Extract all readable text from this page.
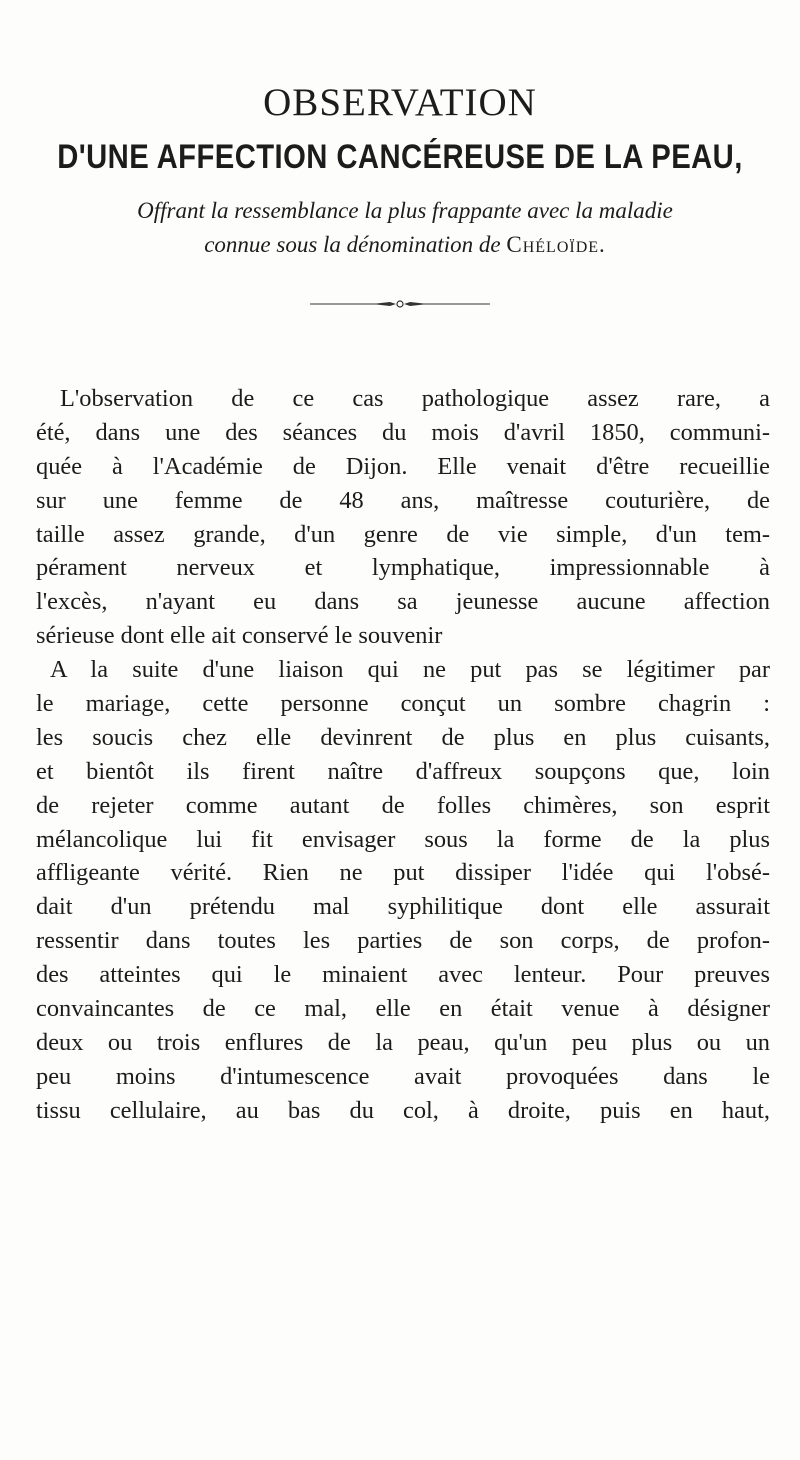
OBSERVATION
D'UNE AFFECTION CANCÉREUSE DE LA PEAU,
Offrant la ressemblance la plus frappante avec la maladie
connue sous la dénomination de Chéloïde.
L'observation de ce cas pathologique assez rare, a
été, dans une des séances du mois d'avril 1850, communi-
quée à l'Académie de Dijon. Elle venait d'être recueillie
sur une femme de 48 ans, maîtresse couturière, de
taille assez grande, d'un genre de vie simple, d'un tem-
pérament nerveux et lymphatique, impressionnable à
l'excès, n'ayant eu dans sa jeunesse aucune affection
sérieuse dont elle ait conservé le souvenir
A la suite d'une liaison qui ne put pas se légitimer par
le mariage, cette personne conçut un sombre chagrin :
les soucis chez elle devinrent de plus en plus cuisants,
et bientôt ils firent naître d'affreux soupçons que, loin
de rejeter comme autant de folles chimères, son esprit
mélancolique lui fit envisager sous la forme de la plus
affligeante vérité. Rien ne put dissiper l'idée qui l'obsé-
dait d'un prétendu mal syphilitique dont elle assurait
ressentir dans toutes les parties de son corps, de profon-
des atteintes qui le minaient avec lenteur. Pour preuves
convaincantes de ce mal, elle en était venue à désigner
deux ou trois enflures de la peau, qu'un peu plus ou un
peu moins d'intumescence avait provoquées dans le
tissu cellulaire, au bas du col, à droite, puis en haut,
